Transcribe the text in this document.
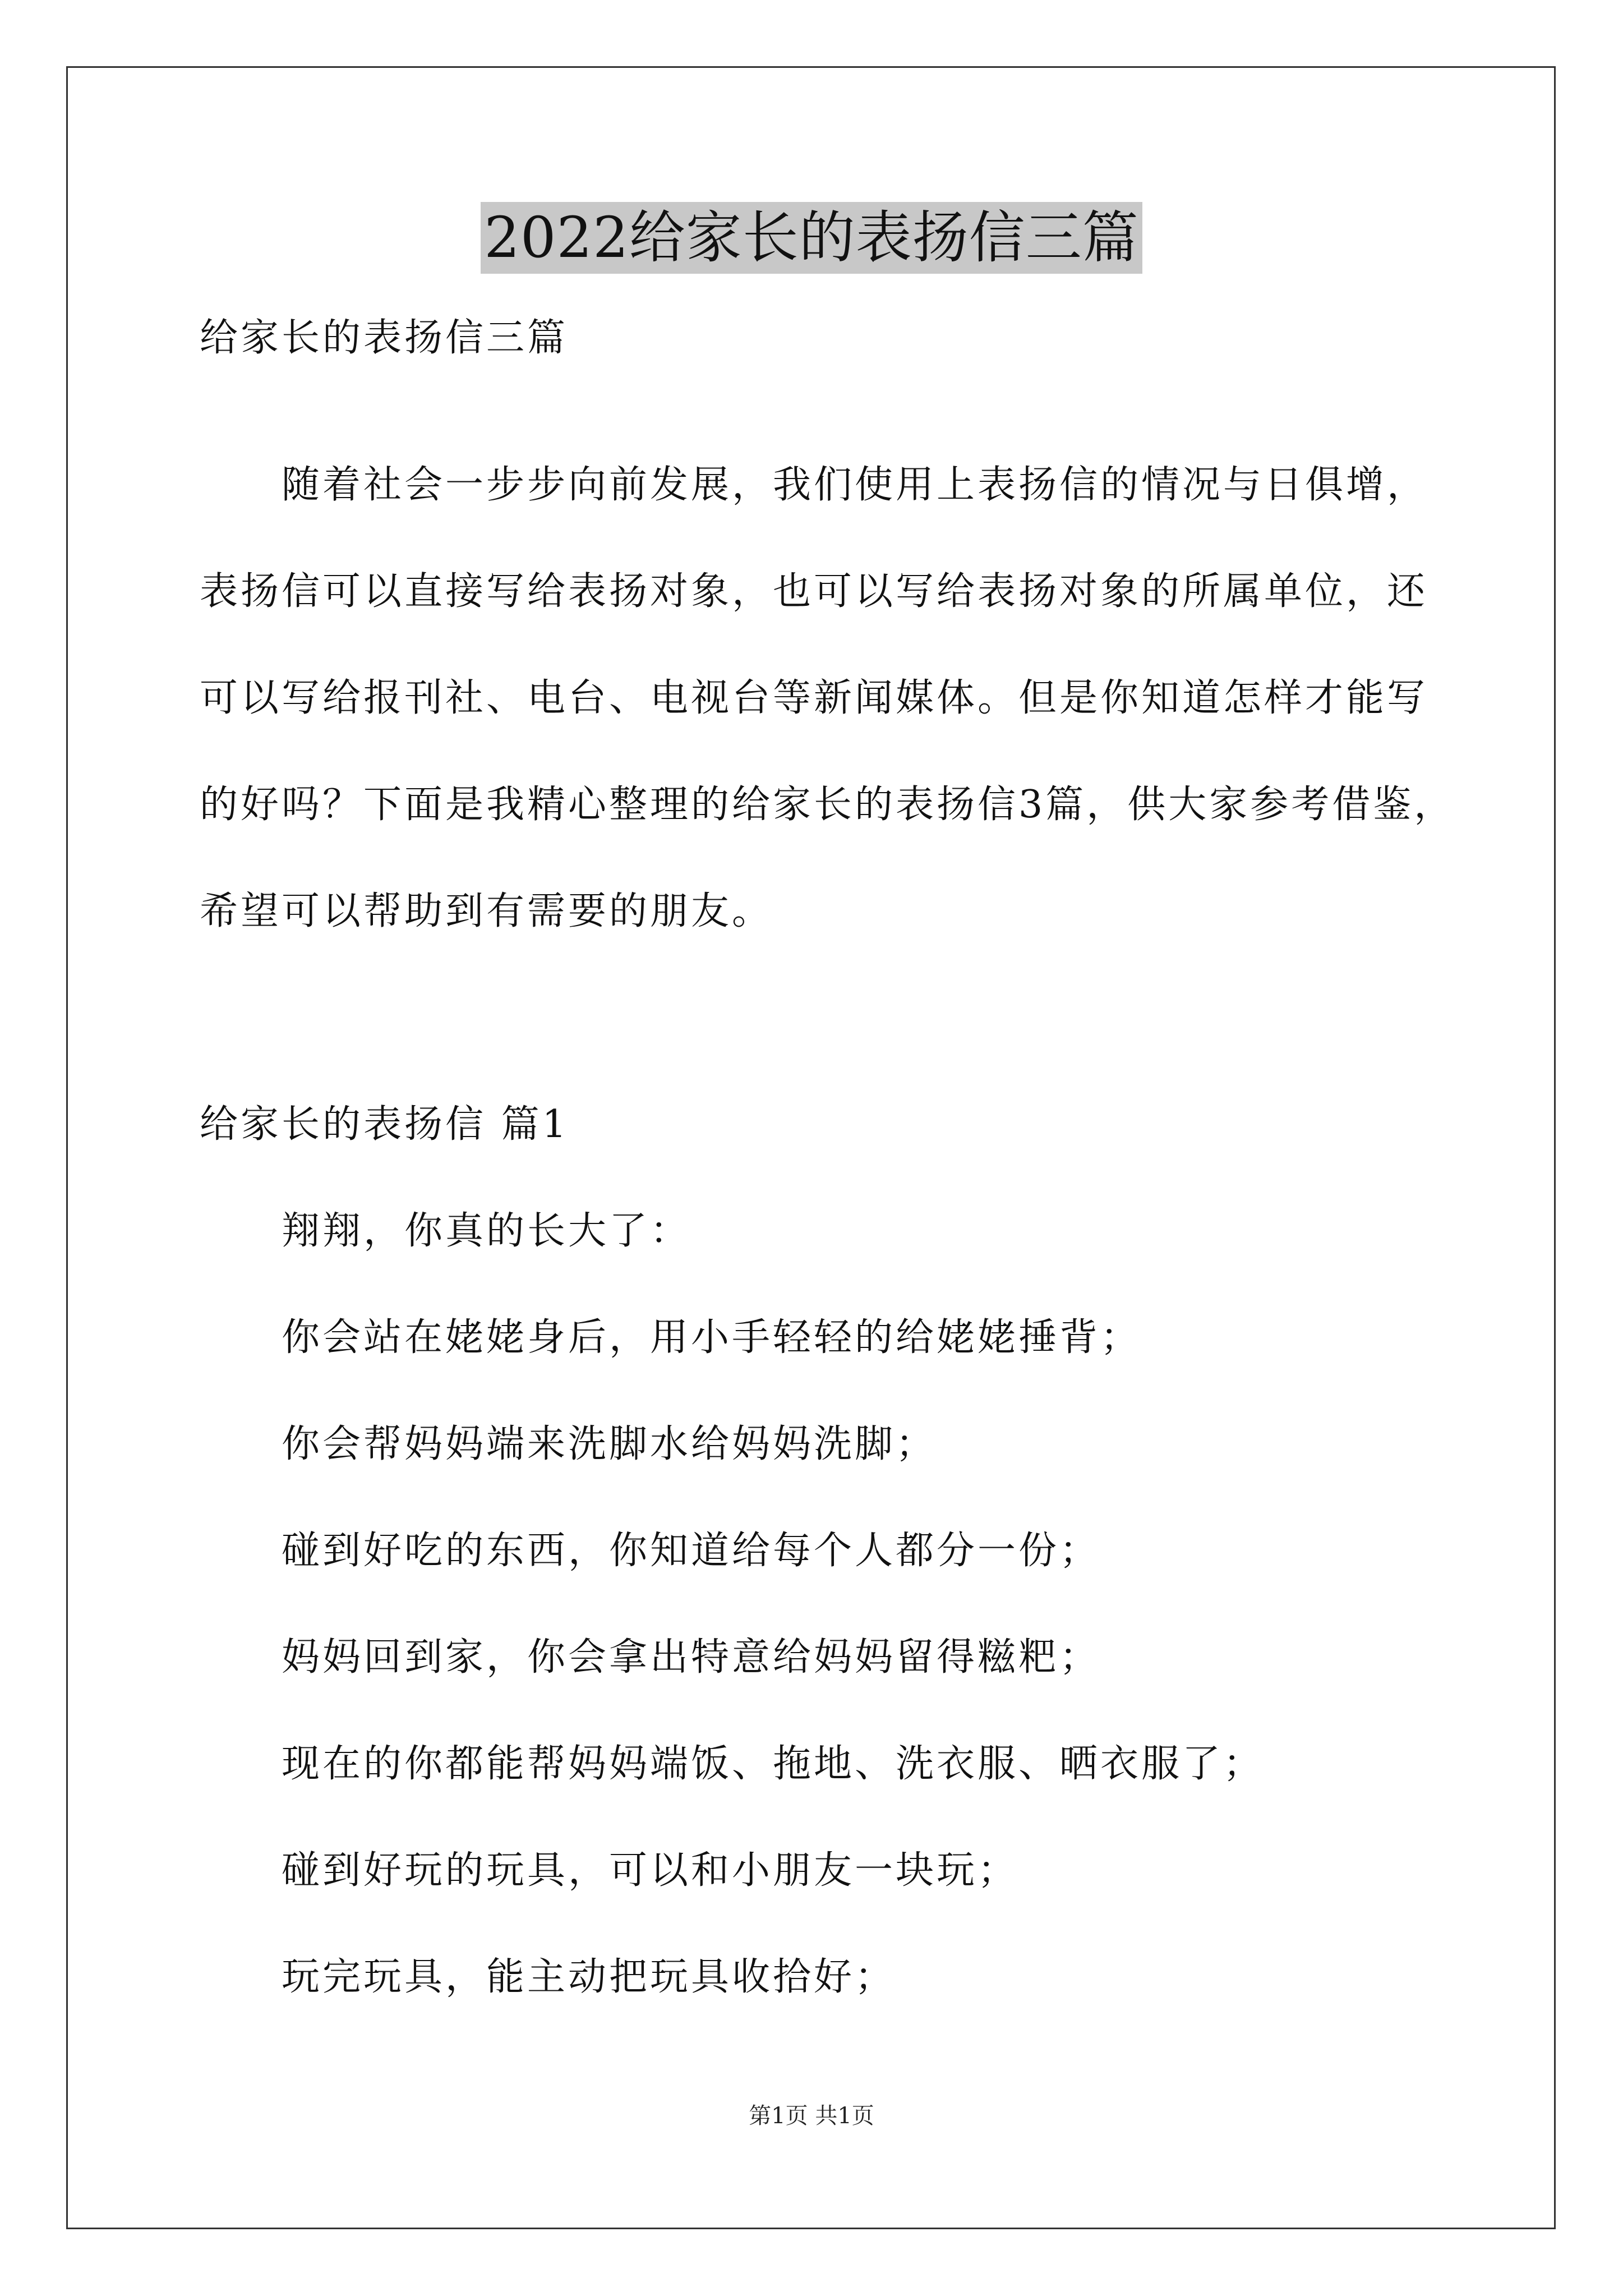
2022给家长的表扬信三篇
给家长的表扬信三篇
随着社会一步步向前发展，我们使用上表扬信的情况与日俱增，
表扬信可以直接写给表扬对象，也可以写给表扬对象的所属单位，还
可以写给报刊社、电台、电视台等新闻媒体。但是你知道怎样才能写
的好吗？下面是我精心整理的给家长的表扬信3篇，供大家参考借鉴，
希望可以帮助到有需要的朋友。
给家长的表扬信 篇1
翔翔，你真的长大了：
你会站在姥姥身后，用小手轻轻的给姥姥捶背；
你会帮妈妈端来洗脚水给妈妈洗脚；
碰到好吃的东西，你知道给每个人都分一份；
妈妈回到家，你会拿出特意给妈妈留得糍粑；
现在的你都能帮妈妈端饭、拖地、洗衣服、晒衣服了；
碰到好玩的玩具，可以和小朋友一块玩；
玩完玩具，能主动把玩具收拾好；
第1页 共1页
